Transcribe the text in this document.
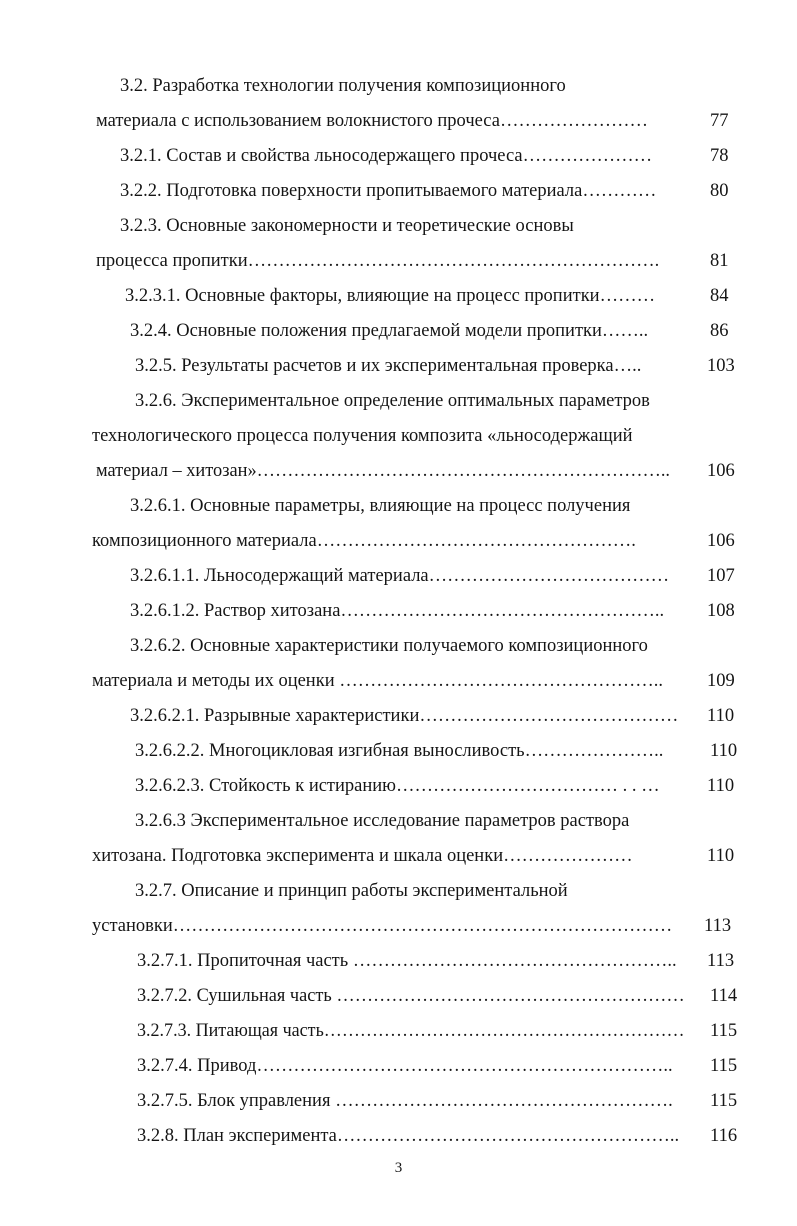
3.2. Разработка технологии получения композиционного
материала с использованием волокнистого прочеса……………………	77
3.2.1. Состав и свойства льносодержащего прочеса…………………	78
3.2.2. Подготовка поверхности пропитываемого материала…………	80
3.2.3. Основные закономерности и теоретические основы
процесса пропитки………………………………………………………….	81
3.2.3.1. Основные факторы, влияющие на процесс пропитки………	84
3.2.4. Основные положения предлагаемой модели пропитки……..	86
3.2.5. Результаты расчетов и их экспериментальная проверка…..	103
3.2.6. Экспериментальное определение оптимальных параметров
технологического процесса получения композита «льносодержащий
материал – хитозан»………………………………………………………….. 106
3.2.6.1. Основные параметры, влияющие на процесс получения
композиционного материала…………………………………………….	106
3.2.6.1.1. Льносодержащий материала…………………………………	107
3.2.6.1.2. Раствор хитозана……………………………………………..	108
3.2.6.2. Основные характеристики получаемого композиционного
материала и методы их оценки ……………………………………………..	109
3.2.6.2.1. Разрывные характеристики……………………………………	110
3.2.6.2.2. Многоцикловая изгибная выносливость…………………..	110
3.2.6.2.3. Стойкость к истиранию……………………………… . . …	110
3.2.6.3 Экспериментальное исследование параметров раствора
хитозана. Подготовка эксперимента и шкала оценки…………………	110
3.2.7. Описание и принцип работы экспериментальной
установки………………………………………………………………………	113
3.2.7.1. Пропиточная часть ……………………………………………..	113
3.2.7.2. Сушильная часть ………………………………………………… 114
3.2.7.3. Питающая часть…………………………………………………… 115
3.2.7.4. Привод…………………………………………………………..	115
3.2.7.5. Блок управления ……………………………………………….	115
3.2.8. План эксперимента………………………………………………..	116
3
